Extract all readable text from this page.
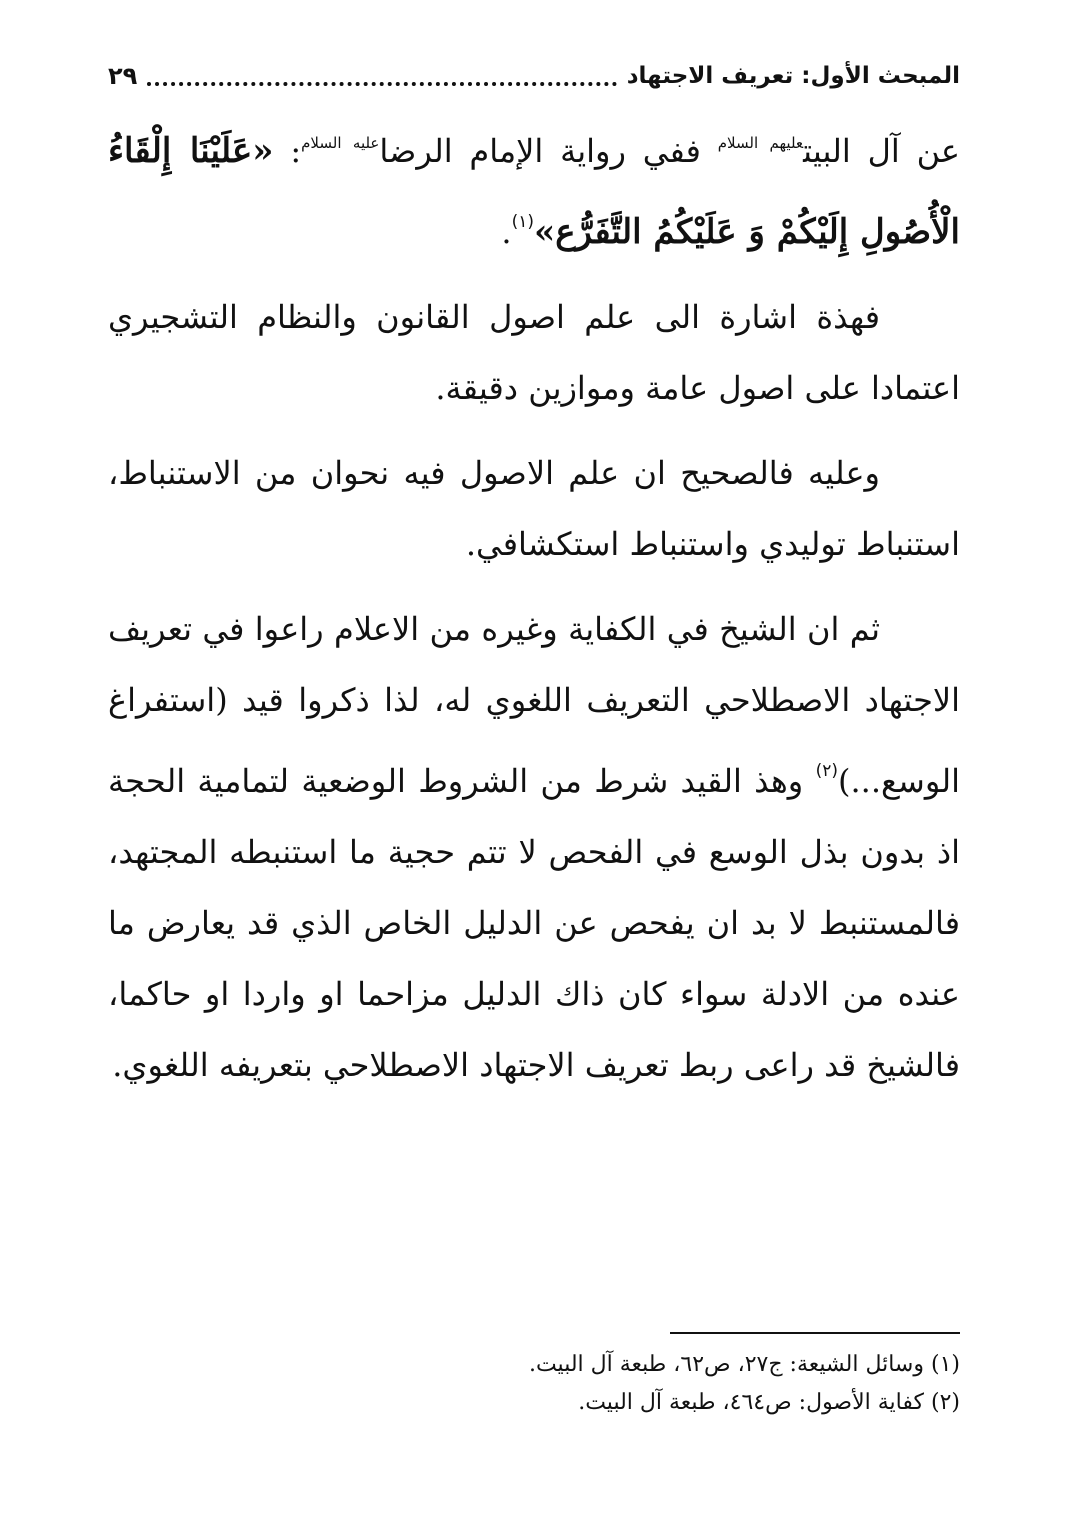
المبحث الأول: تعريف الاجتهاد
٢٩

عن آل البيت$^{عليهم السلام}$ ففي رواية الإمام الرضا$^{عليه السلام}$: «عَلَيْنَا إِلْقَاءُ الْأُصُولِ إِلَيْكُمْ وَ عَلَيْكُمُ التَّفَرُّع»$^{(١)}$.

فهذة اشارة الى علم اصول القانون والنظام التشجيري اعتمادا على اصول عامة وموازين دقيقة.

وعليه فالصحيح ان علم الاصول فيه نحوان من الاستنباط، استنباط توليدي واستنباط استكشافي.

ثم ان الشيخ في الكفاية وغيره من الاعلام راعوا في تعريف الاجتهاد الاصطلاحي التعريف اللغوي له، لذا ذكروا قيد (استفراغ الوسع...)$^{(٢)}$ وهذ القيد شرط من الشروط الوضعية لتمامية الحجة اذ بدون بذل الوسع في الفحص لا تتم حجية ما استنبطه المجتهد، فالمستنبط لا بد ان يفحص عن الدليل الخاص الذي قد يعارض ما عنده من الادلة سواء كان ذاك الدليل مزاحما او واردا او حاكما، فالشيخ قد راعى ربط تعريف الاجتهاد الاصطلاحي بتعريفه اللغوي.

(١) وسائل الشيعة: ج٢٧، ص٦٢، طبعة آل البيت.
(٢) كفاية الأصول: ص٤٦٤، طبعة آل البيت.
